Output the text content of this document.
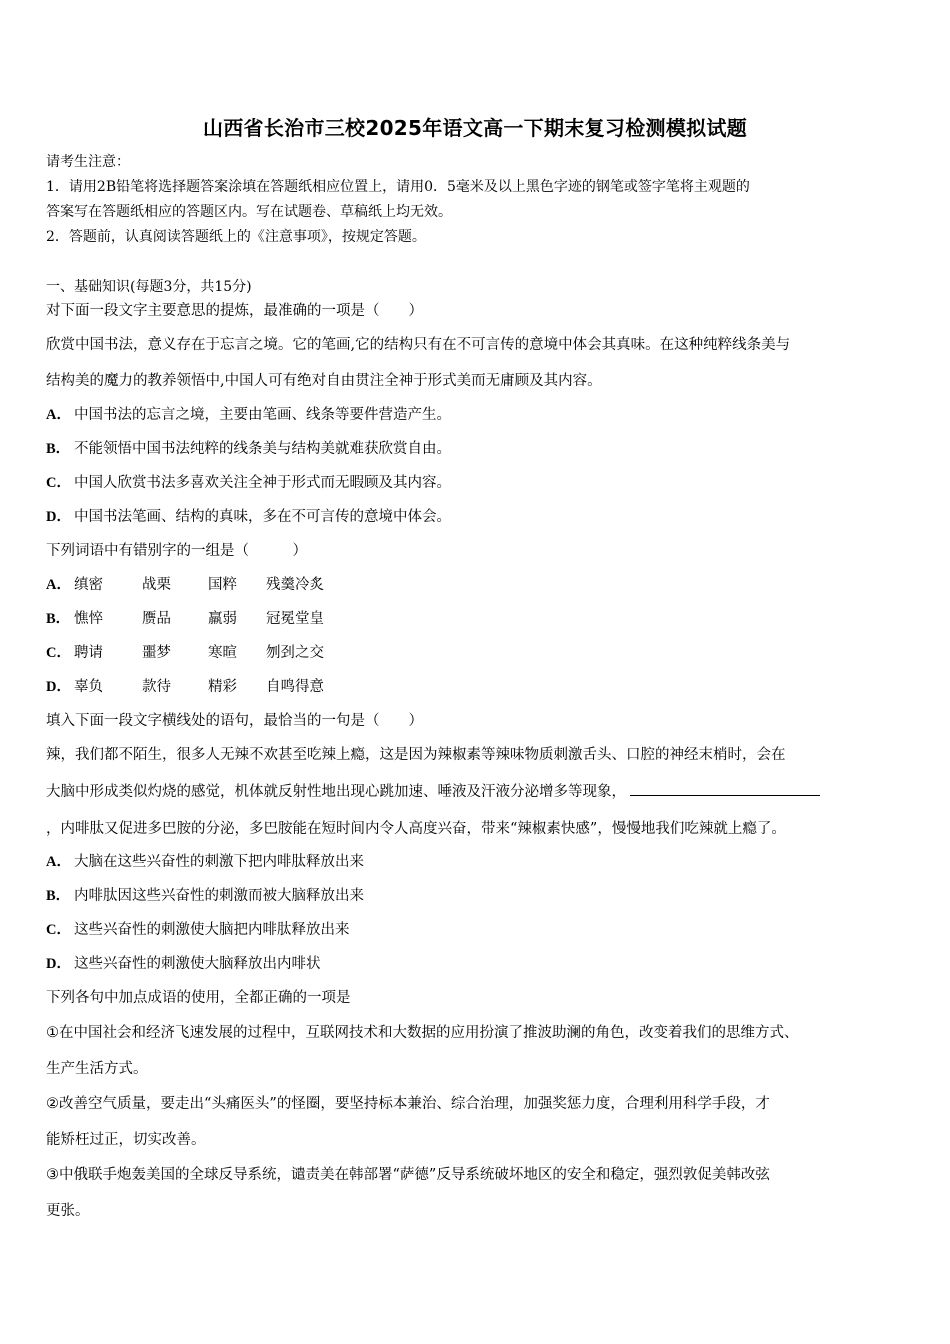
山西省长治市三校2025年语文高一下期末复习检测模拟试题
请考生注意：
1．请用2B铅笔将选择题答案涂填在答题纸相应位置上，请用0．5毫米及以上黑色字迹的钢笔或签字笔将主观题的
答案写在答题纸相应的答题区内。写在试题卷、草稿纸上均无效。
2．答题前，认真阅读答题纸上的《注意事项》，按规定答题。
一、基础知识(每题3分，共15分)
对下面一段文字主要意思的提炼，最准确的一项是（　　）
欣赏中国书法，意义存在于忘言之境。它的笔画,它的结构只有在不可言传的意境中体会其真味。在这种纯粹线条美与
结构美的魔力的教养领悟中,中国人可有绝对自由贯注全神于形式美而无庸顾及其内容。
A． 中国书法的忘言之境，主要由笔画、线条等要件营造产生。
B． 不能领悟中国书法纯粹的线条美与结构美就难获欣赏自由。
C． 中国人欣赏书法多喜欢关注全神于形式而无暇顾及其内容。
D． 中国书法笔画、结构的真味，多在不可言传的意境中体会。
下列词语中有错别字的一组是（　　　）
A． 缜密	战栗	国粹 残羹冷炙
B． 憔悴	赝品	羸弱 冠冕堂皇
C． 聘请	噩梦	寒暄 刎刭之交
D． 辜负	款待	精彩 自鸣得意
填入下面一段文字横线处的语句，最恰当的一句是（　　）
辣，我们都不陌生，很多人无辣不欢甚至吃辣上瘾，这是因为辣椒素等辣味物质刺激舌头、口腔的神经末梢时，会在
大脑中形成类似灼烧的感觉，机体就反射性地出现心跳加速、唾液及汗液分泌增多等现象，
，内啡肽又促进多巴胺的分泌，多巴胺能在短时间内令人高度兴奋，带来“辣椒素快感”，慢慢地我们吃辣就上瘾了。
A． 大脑在这些兴奋性的刺激下把内啡肽释放出来
B． 内啡肽因这些兴奋性的刺激而被大脑释放出来
C． 这些兴奋性的刺激使大脑把内啡肽释放出来
D． 这些兴奋性的刺激使大脑释放出内啡状
下列各句中加点成语的使用，全都正确的一项是
①在中国社会和经济飞速发展的过程中，互联网技术和大数据的应用扮演了推波助澜的角色，改变着我们的思维方式、
生产生活方式。
②改善空气质量，要走出“头痛医头”的怪圈，要坚持标本兼治、综合治理，加强奖惩力度，合理利用科学手段，才
能矫枉过正，切实改善。
③中俄联手炮轰美国的全球反导系统，谴责美在韩部署“萨德”反导系统破坏地区的安全和稳定，强烈敦促美韩改弦
更张。
